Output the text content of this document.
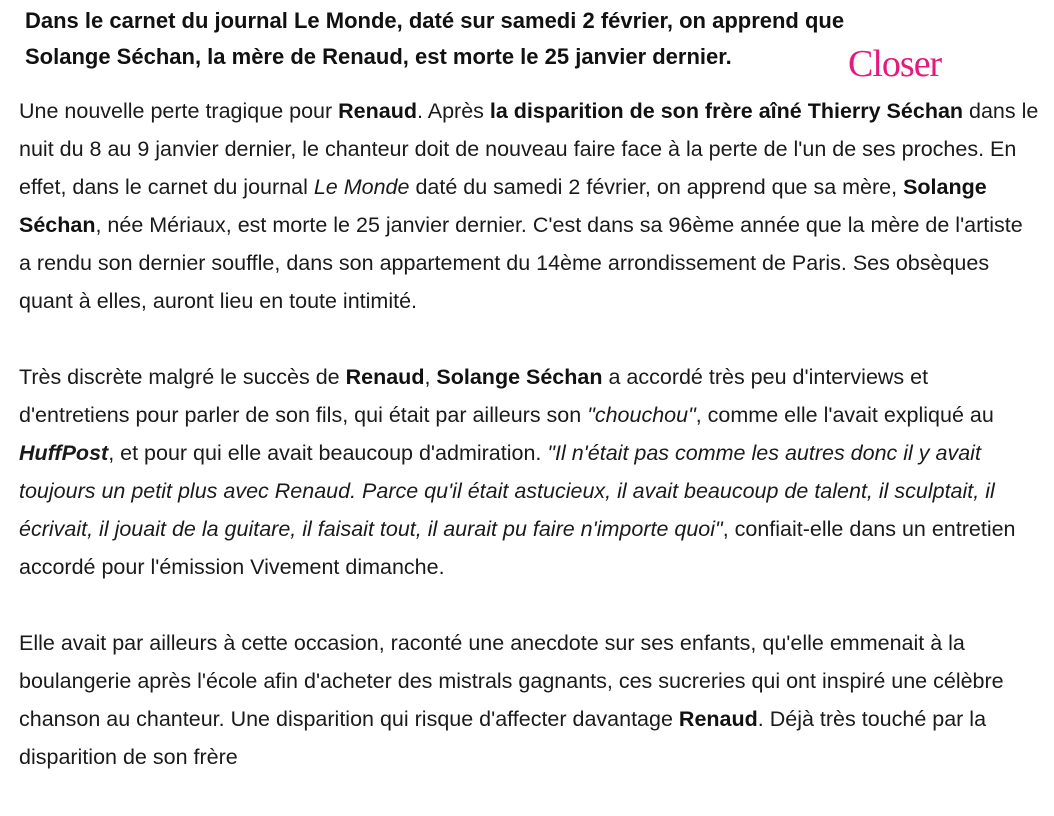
Dans le carnet du journal Le Monde, daté sur samedi 2 février, on apprend que
Solange Séchan, la mère de Renaud, est morte le 25 janvier dernier.	Closer

Une nouvelle perte tragique pour Renaud. Après la disparition de son frère aîné Thierry Séchan dans le nuit du 8 au 9 janvier dernier, le chanteur doit de nouveau faire face à la perte de l'un de ses proches. En effet, dans le carnet du journal Le Monde daté du samedi 2 février, on apprend que sa mère, Solange Séchan, née Mériaux, est morte le 25 janvier dernier. C'est dans sa 96ème année que la mère de l'artiste a rendu son dernier souffle, dans son appartement du 14ème arrondissement de Paris. Ses obsèques quant à elles, auront lieu en toute intimité.

Très discrète malgré le succès de Renaud, Solange Séchan a accordé très peu d'interviews et d'entretiens pour parler de son fils, qui était par ailleurs son "chouchou", comme elle l'avait expliqué au HuffPost, et pour qui elle avait beaucoup d'admiration. "Il n'était pas comme les autres donc il y avait toujours un petit plus avec Renaud. Parce qu'il était astucieux, il avait beaucoup de talent, il sculptait, il écrivait, il jouait de la guitare, il faisait tout, il aurait pu faire n'importe quoi", confiait-elle dans un entretien accordé pour l'émission Vivement dimanche.

Elle avait par ailleurs à cette occasion, raconté une anecdote sur ses enfants, qu'elle emmenait à la boulangerie après l'école afin d'acheter des mistrals gagnants, ces sucreries qui ont inspiré une célèbre chanson au chanteur. Une disparition qui risque d'affecter davantage Renaud. Déjà très touché par la disparition de son frère
